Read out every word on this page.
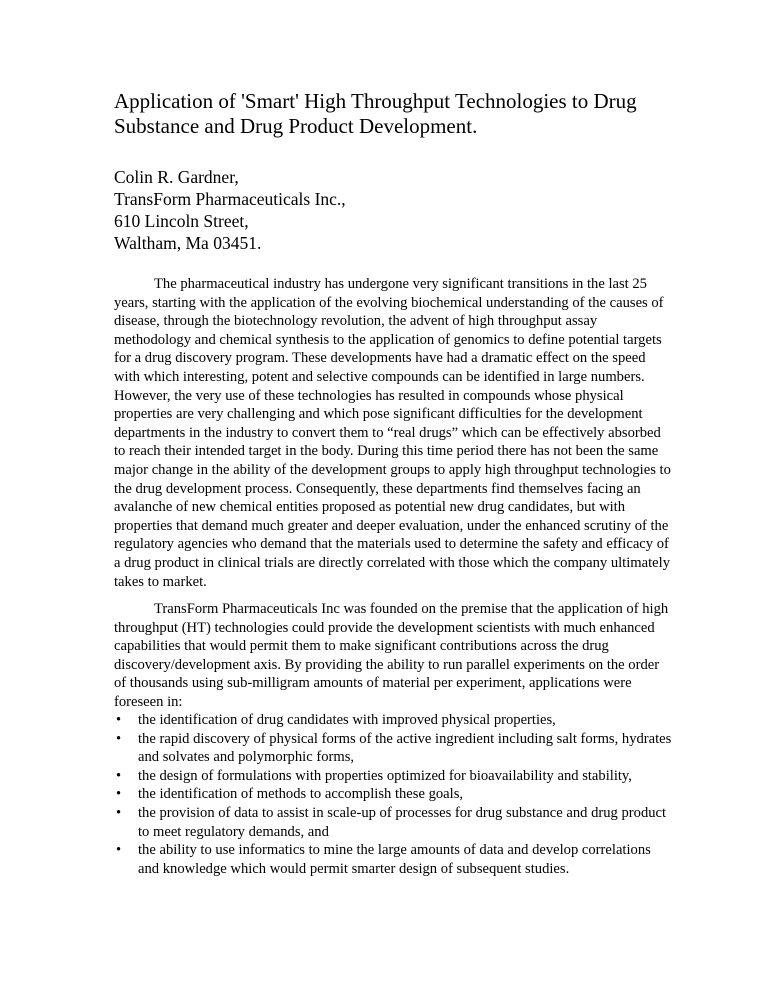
Application of 'Smart' High Throughput Technologies to Drug Substance and Drug Product Development.
Colin R. Gardner,
TransForm Pharmaceuticals Inc.,
610 Lincoln Street,
Waltham, Ma 03451.

The pharmaceutical industry has undergone very significant transitions in the last 25 years, starting with the application of the evolving biochemical understanding of the causes of disease, through the biotechnology revolution, the advent of high throughput assay methodology and chemical synthesis to the application of genomics to define potential targets for a drug discovery program. These developments have had a dramatic effect on the speed with which interesting, potent and selective compounds can be identified in large numbers. However, the very use of these technologies has resulted in compounds whose physical properties are very challenging and which pose significant difficulties for the development departments in the industry to convert them to “real drugs” which can be effectively absorbed to reach their intended target in the body. During this time period there has not been the same major change in the ability of the development groups to apply high throughput technologies to the drug development process. Consequently, these departments find themselves facing an avalanche of new chemical entities proposed as potential new drug candidates, but with properties that demand much greater and deeper evaluation, under the enhanced scrutiny of the regulatory agencies who demand that the materials used to determine the safety and efficacy of a drug product in clinical trials are directly correlated with those which the company ultimately takes to market.

TransForm Pharmaceuticals Inc was founded on the premise that the application of high throughput (HT) technologies could provide the development scientists with much enhanced capabilities that would permit them to make significant contributions across the drug discovery/development axis. By providing the ability to run parallel experiments on the order of thousands using sub-milligram amounts of material per experiment, applications were foreseen in:

• the identification of drug candidates with improved physical properties,
• the rapid discovery of physical forms of the active ingredient including salt forms, hydrates and solvates and polymorphic forms,
• the design of formulations with properties optimized for bioavailability and stability,
• the identification of methods to accomplish these goals,
• the provision of data to assist in scale-up of processes for drug substance and drug product to meet regulatory demands, and
• the ability to use informatics to mine the large amounts of data and develop correlations and knowledge which would permit smarter design of subsequent studies.
